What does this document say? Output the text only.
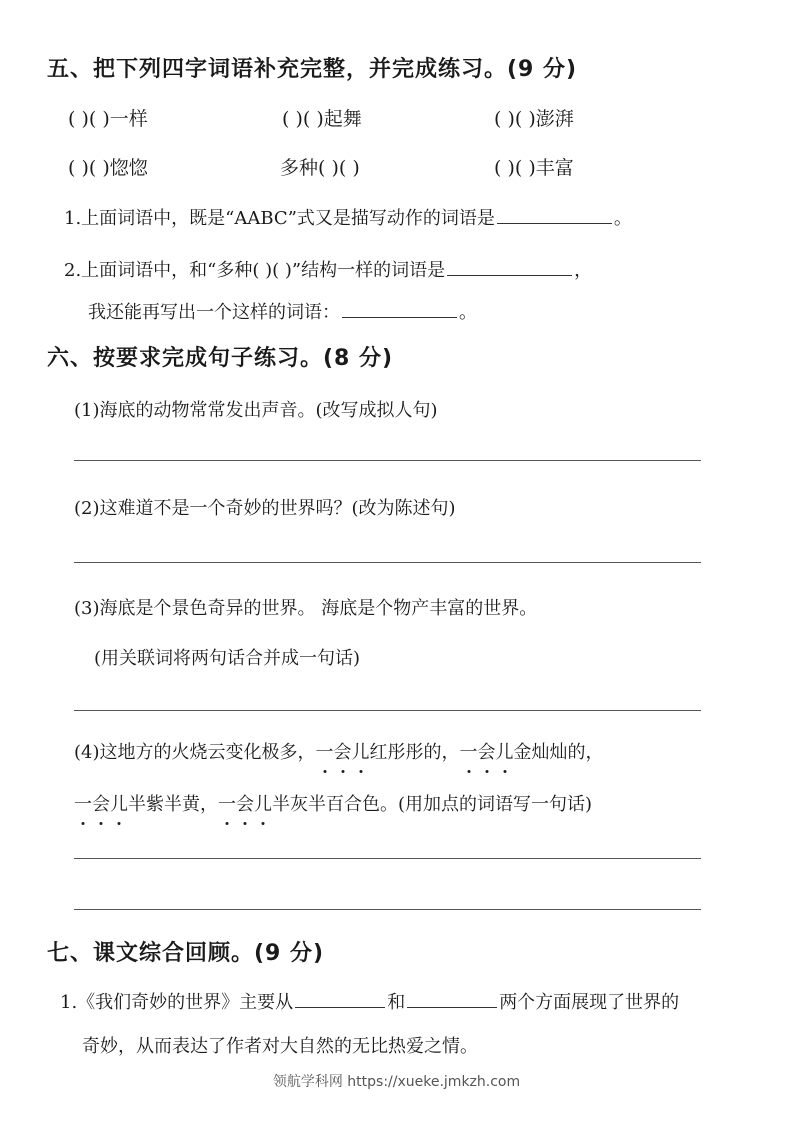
五、把下列四字词语补充完整，并完成练习。(9 分)
( )( )一样	( )( )起舞	( )( )澎湃
( )( )惚惚	多种( )( )	( )( )丰富
1.上面词语中，既是“AABC”式又是描写动作的词语是	。
2.上面词语中，和“多种( )( )”结构一样的词语是	，
我还能再写出一个这样的词语：	。
六、按要求完成句子练习。(8 分)
(1)海底的动物常常发出声音。(改写成拟人句)
(2)这难道不是一个奇妙的世界吗？(改为陈述句)
(3)海底是个景色奇异的世界。 海底是个物产丰富的世界。
(用关联词将两句话合并成一句话)
(4)这地方的火烧云变化极多，一会儿红彤彤的，一会儿金灿灿的，
一会儿半紫半黄，一会儿半灰半百合色。(用加点的词语写一句话)
七、课文综合回顾。(9 分)
1.《我们奇妙的世界》主要从	和	两个方面展现了世界的
奇妙，从而表达了作者对大自然的无比热爱之情。
领航学科网 https://xueke.jmkzh.com
